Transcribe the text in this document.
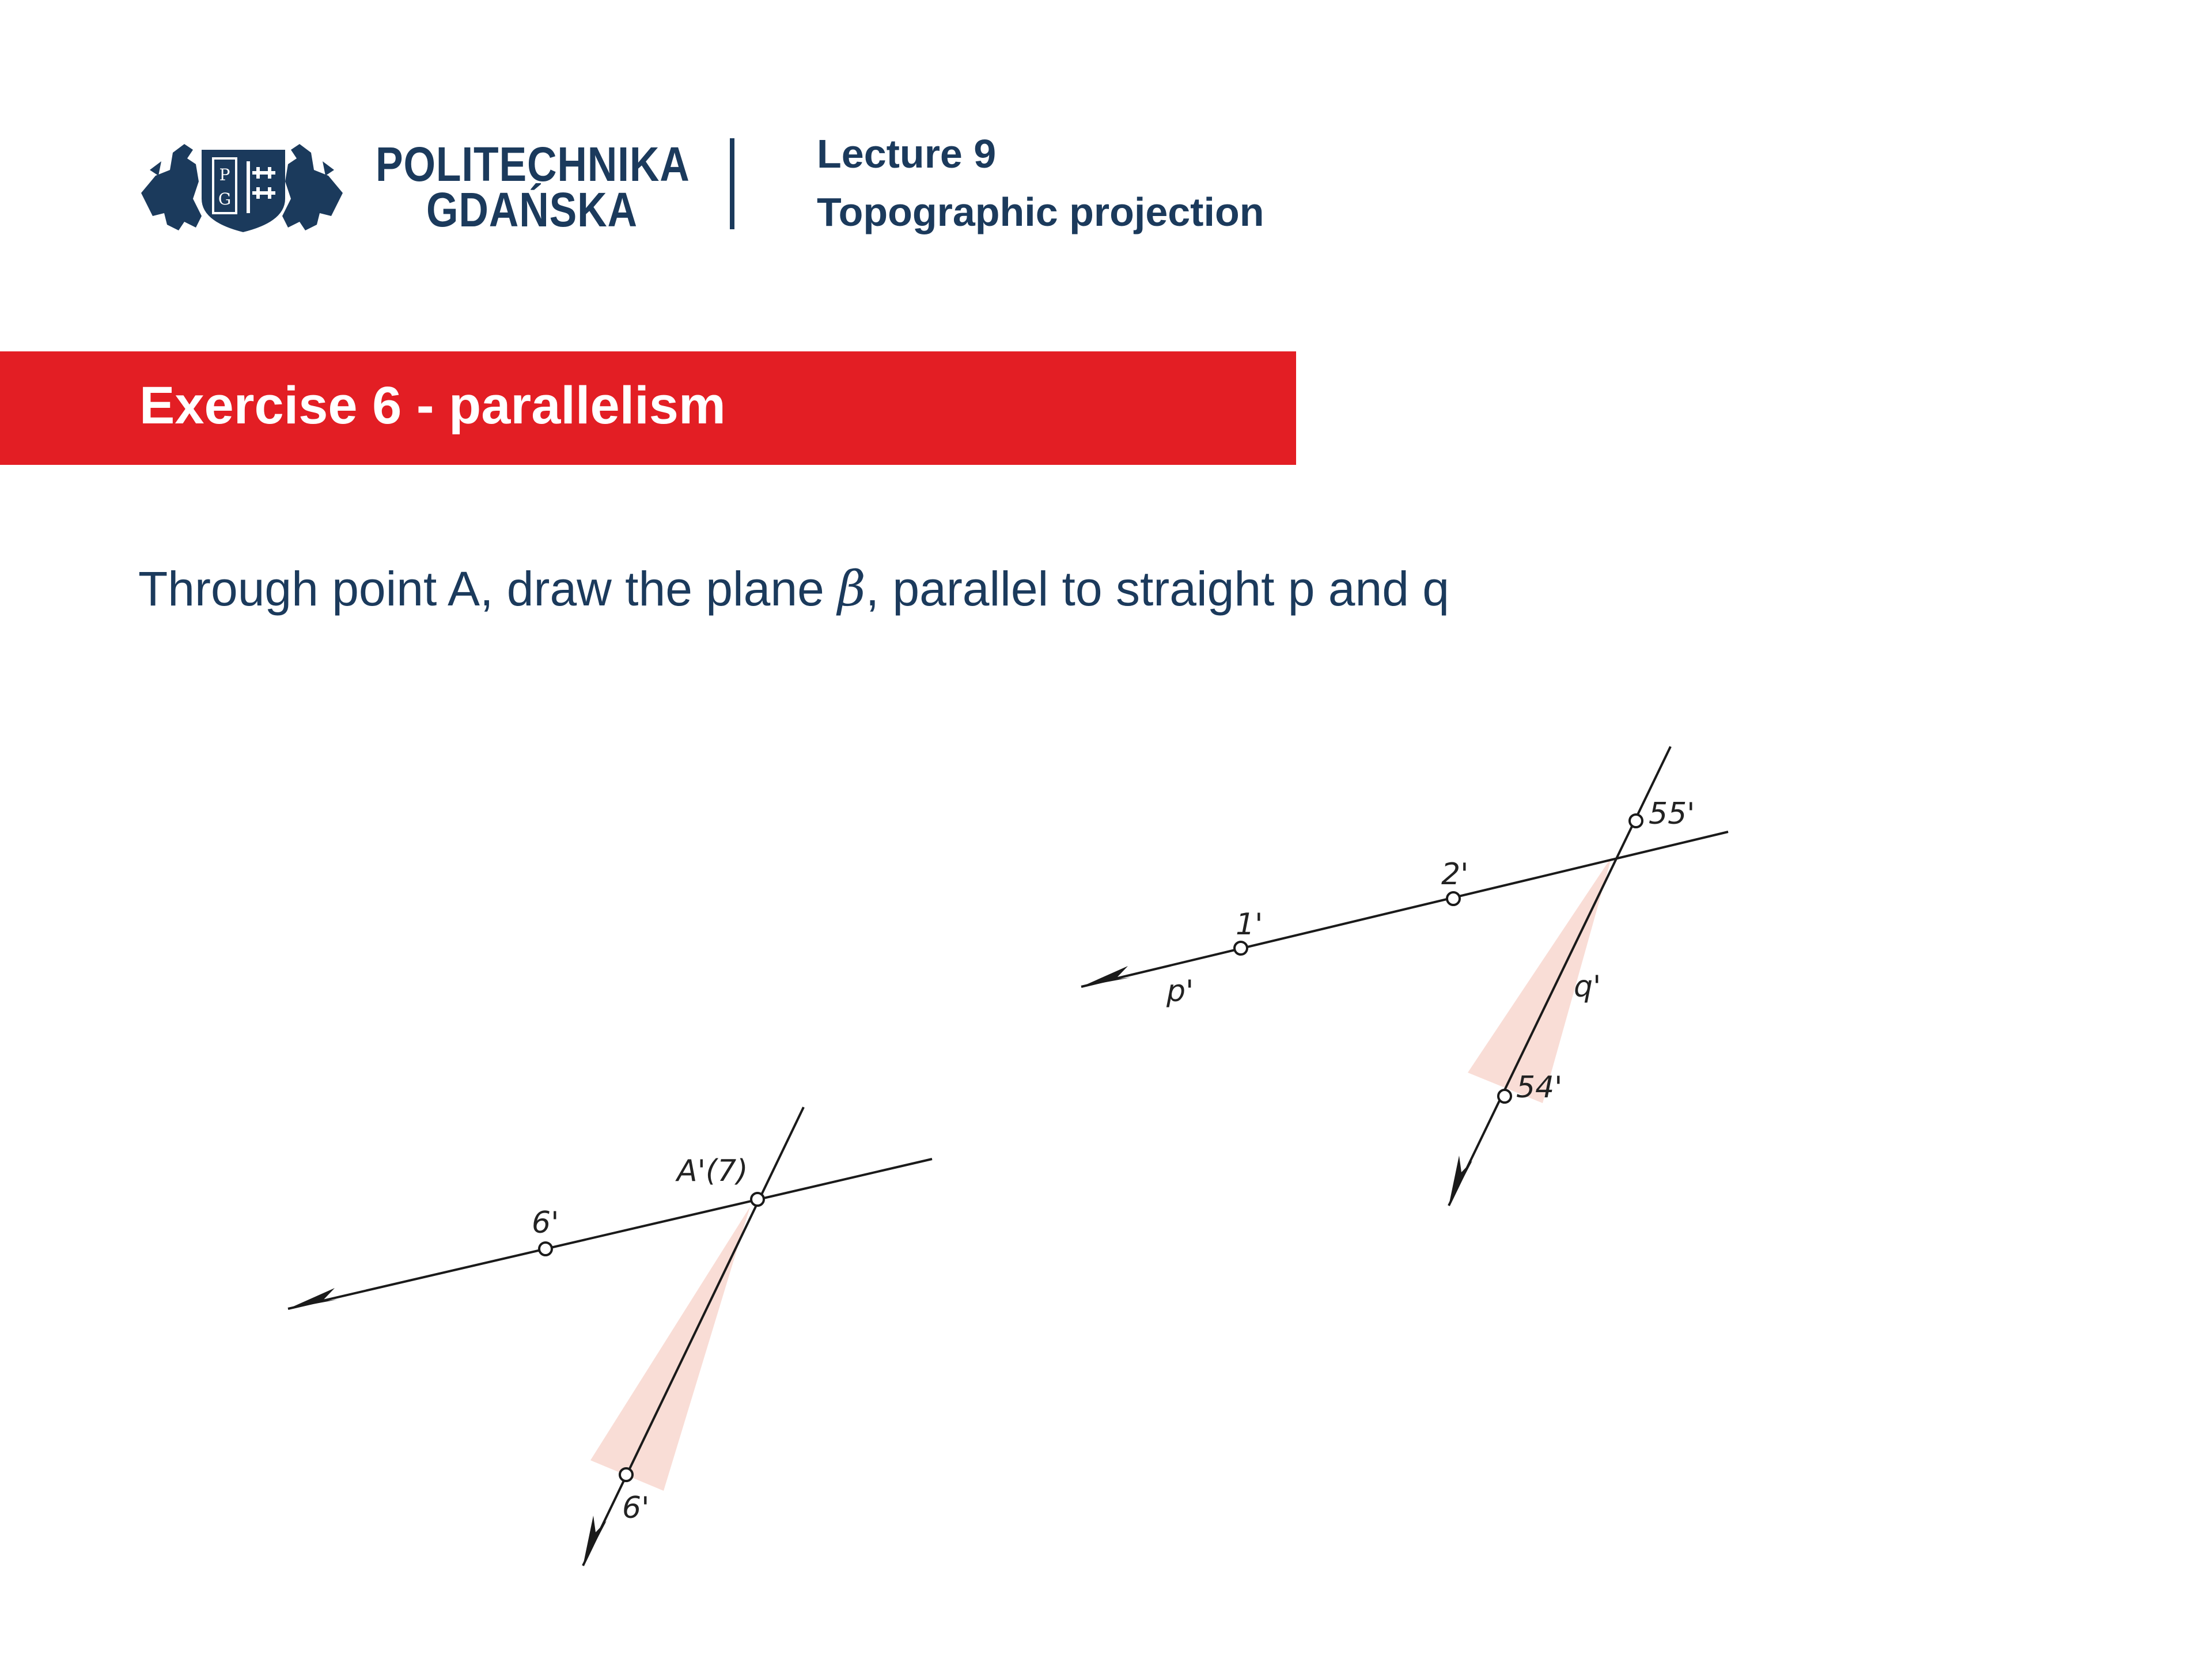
P
G
POLITECHNIKA
GDAŃSKA
Lecture 9
Topographic projection
Exercise 6 - parallelism
Through point A, draw the plane β, parallel to straight p and q
1'
2'
p'
55'
54'
q'
A'(7)
6'
6'
